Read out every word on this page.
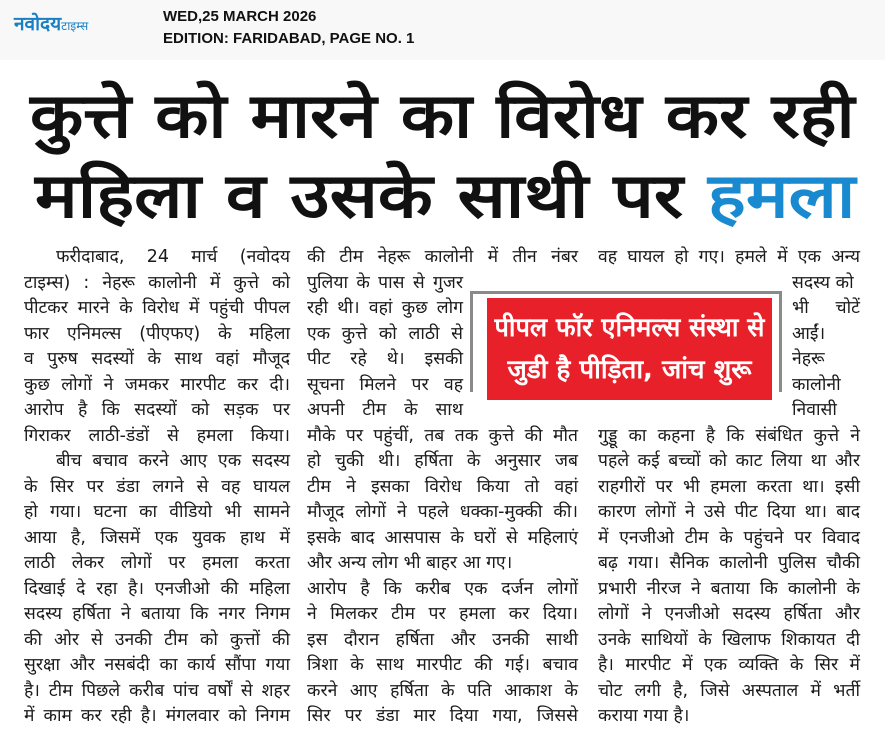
नवोदयटाइम्स
WED,25 MARCH 2026
EDITION: FARIDABAD, PAGE NO. 1
कुत्ते को मारने का विरोध कर रही
महिला व उसके साथी पर हमला
पीपल फॉर एनिमल्स संस्था से
जुडी है पीड़िता, जांच शुरू
फरीदाबाद, 24 मार्च (नवोदय
टाइम्स) : नेहरू कालोनी में कुत्ते को
पीटकर मारने के विरोध में पहुंची पीपल
फार एनिमल्स (पीएफए) के महिला
व पुरुष सदस्यों के साथ वहां मौजूद
कुछ लोगों ने जमकर मारपीट कर दी।
आरोप है कि सदस्यों को सड़क पर
गिराकर लाठी-डंडों से हमला किया।
बीच बचाव करने आए एक सदस्य
के सिर पर डंडा लगने से वह घायल
हो गया। घटना का वीडियो भी सामने
आया है, जिसमें एक युवक हाथ में
लाठी लेकर लोगों पर हमला करता
दिखाई दे रहा है। एनजीओ की महिला
सदस्य हर्षिता ने बताया कि नगर निगम
की ओर से उनकी टीम को कुत्तों की
सुरक्षा और नसबंदी का कार्य सौंपा गया
है। टीम पिछले करीब पांच वर्षों से शहर
में काम कर रही है। मंगलवार को निगम
की टीम नेहरू कालोनी में तीन नंबर
पुलिया के पास से गुजर
रही थी। वहां कुछ लोग
एक कुत्ते को लाठी से
पीट रहे थे। इसकी
सूचना मिलने पर वह
अपनी टीम के साथ
मौके पर पहुंचीं, तब तक कुत्ते की मौत
हो चुकी थी। हर्षिता के अनुसार जब
टीम ने इसका विरोध किया तो वहां
मौजूद लोगों ने पहले धक्का-मुक्की की।
इसके बाद आसपास के घरों से महिलाएं
और अन्य लोग भी बाहर आ गए।
आरोप है कि करीब एक दर्जन लोगों
ने मिलकर टीम पर हमला कर दिया।
इस दौरान हर्षिता और उनकी साथी
त्रिशा के साथ मारपीट की गई। बचाव
करने आए हर्षिता के पति आकाश के
सिर पर डंडा मार दिया गया, जिससे
वह घायल हो गए। हमले में एक अन्य
सदस्य को
भी चोटें
आईं।
नेहरू
कालोनी
निवासी
गुड्डू का कहना है कि संबंधित कुत्ते ने
पहले कई बच्चों को काट लिया था और
राहगीरों पर भी हमला करता था। इसी
कारण लोगों ने उसे पीट दिया था। बाद
में एनजीओ टीम के पहुंचने पर विवाद
बढ़ गया। सैनिक कालोनी पुलिस चौकी
प्रभारी नीरज ने बताया कि कालोनी के
लोगों ने एनजीओ सदस्य हर्षिता और
उनके साथियों के खिलाफ शिकायत दी
है। मारपीट में एक व्यक्ति के सिर में
चोट लगी है, जिसे अस्पताल में भर्ती
कराया गया है।
